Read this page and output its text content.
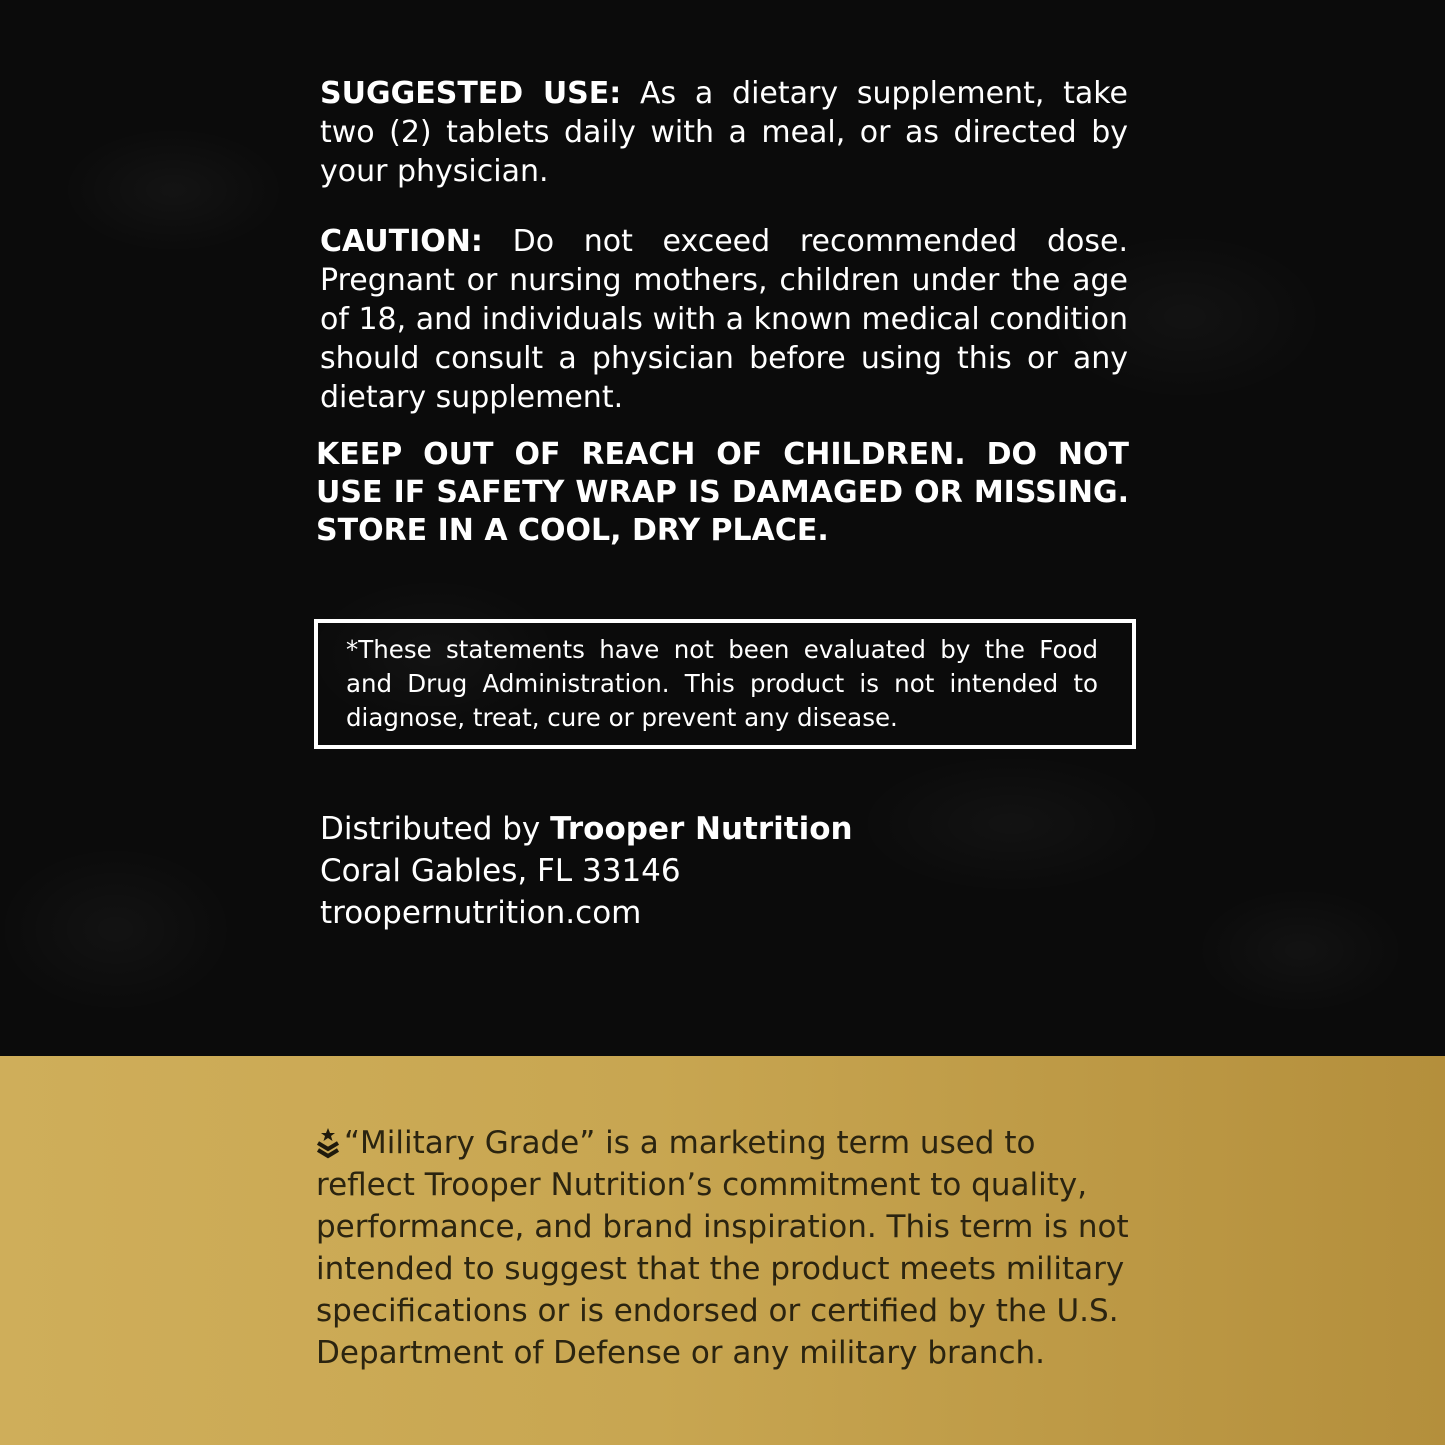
SUGGESTED USE: As a dietary supplement, take two (2) tablets daily with a meal, or as directed by your physician.

CAUTION: Do not exceed recommended dose. Pregnant or nursing mothers, children under the age of 18, and individuals with a known medical condition should consult a physician before using this or any dietary supplement.

KEEP OUT OF REACH OF CHILDREN. DO NOT USE IF SAFETY WRAP IS DAMAGED OR MISSING. STORE IN A COOL, DRY PLACE.

*These statements have not been evaluated by the Food and Drug Administration. This product is not intended to diagnose, treat, cure or prevent any disease.

Distributed by Trooper Nutrition
Coral Gables, FL 33146
troopernutrition.com

“Military Grade” is a marketing term used to reflect Trooper Nutrition’s commitment to quality, performance, and brand inspiration. This term is not intended to suggest that the product meets military specifications or is endorsed or certified by the U.S. Department of Defense or any military branch.
